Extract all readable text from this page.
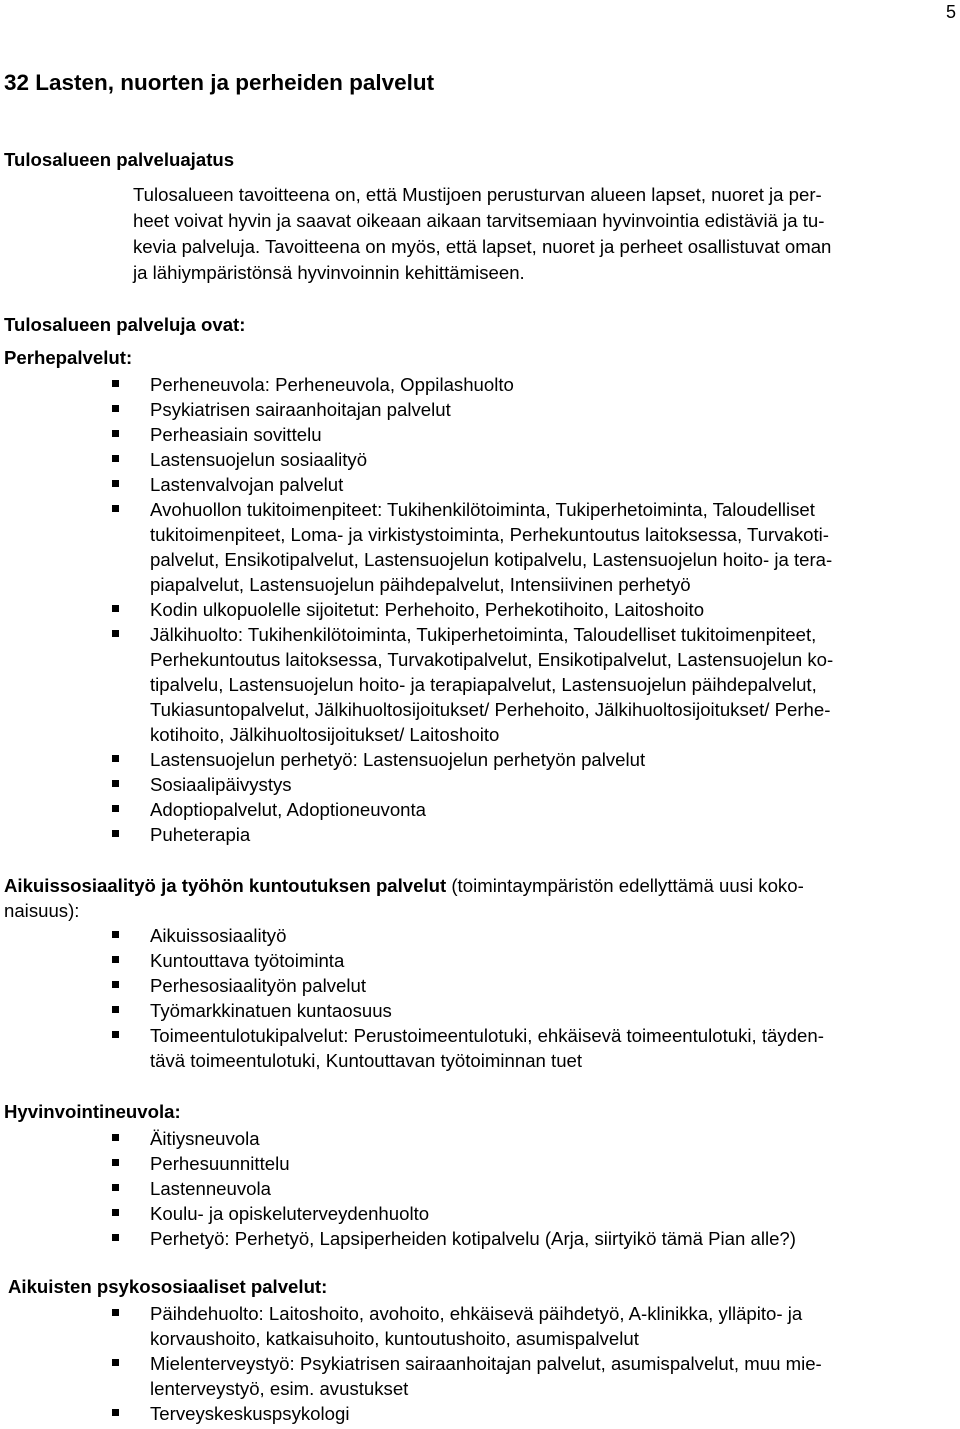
5
32 Lasten, nuorten ja perheiden palvelut
Tulosalueen palveluajatus

Tulosalueen tavoitteena on, että Mustijoen perusturvan alueen lapset, nuoret ja per-

heet voivat hyvin ja saavat oikeaan aikaan tarvitsemiaan hyvinvointia edistäviä ja tu-

kevia palveluja. Tavoitteena on myös, että lapset, nuoret ja perheet osallistuvat oman

ja lähiympäristönsä hyvinvoinnin kehittämiseen.

Tulosalueen palveluja ovat:
Perhepalvelut:
Perheneuvola: Perheneuvola, Oppilashuolto
Psykiatrisen sairaanhoitajan palvelut
Perheasiain sovittelu
Lastensuojelun sosiaalityö
Lastenvalvojan palvelut
Avohuollon tukitoimenpiteet: Tukihenkilötoiminta, Tukiperhetoiminta, Taloudelliset
tukitoimenpiteet, Loma- ja virkistystoiminta, Perhekuntoutus laitoksessa, Turvakoti-
palvelut, Ensikotipalvelut, Lastensuojelun kotipalvelu, Lastensuojelun hoito- ja tera-
piapalvelut, Lastensuojelun päihdepalvelut, Intensiivinen perhetyö
Kodin ulkopuolelle sijoitetut: Perhehoito, Perhekotihoito, Laitoshoito
Jälkihuolto: Tukihenkilötoiminta, Tukiperhetoiminta, Taloudelliset tukitoimenpiteet,
Perhekuntoutus laitoksessa, Turvakotipalvelut, Ensikotipalvelut, Lastensuojelun ko-
tipalvelu, Lastensuojelun hoito- ja terapiapalvelut, Lastensuojelun päihdepalvelut,
Tukiasuntopalvelut, Jälkihuoltosijoitukset/ Perhehoito, Jälkihuoltosijoitukset/ Perhe-
kotihoito, Jälkihuoltosijoitukset/ Laitoshoito
Lastensuojelun perhetyö: Lastensuojelun perhetyön palvelut
Sosiaalipäivystys
Adoptiopalvelut, Adoptioneuvonta
Puheterapia
Aikuissosiaalityö ja työhön kuntoutuksen palvelut (toimintaympäristön edellyttämä uusi koko-
naisuus):
Aikuissosiaalityö
Kuntouttava työtoiminta
Perhesosiaalityön palvelut
Työmarkkinatuen kuntaosuus
Toimeentulotukipalvelut: Perustoimeentulotuki, ehkäisevä toimeentulotuki, täyden-
tävä toimeentulotuki, Kuntouttavan työtoiminnan tuet
Hyvinvointineuvola:
Äitiysneuvola
Perhesuunnittelu
Lastenneuvola
Koulu- ja opiskeluterveydenhuolto
Perhetyö: Perhetyö, Lapsiperheiden kotipalvelu (Arja, siirtyikö tämä Pian alle?)
Aikuisten psykososiaaliset palvelut:
Päihdehuolto: Laitoshoito, avohoito, ehkäisevä päihdetyö, A-klinikka, ylläpito- ja
korvaushoito, katkaisuhoito, kuntoutushoito, asumispalvelut
Mielenterveystyö: Psykiatrisen sairaanhoitajan palvelut, asumispalvelut, muu mie-
lenterveystyö, esim. avustukset
Terveyskeskuspsykologi
